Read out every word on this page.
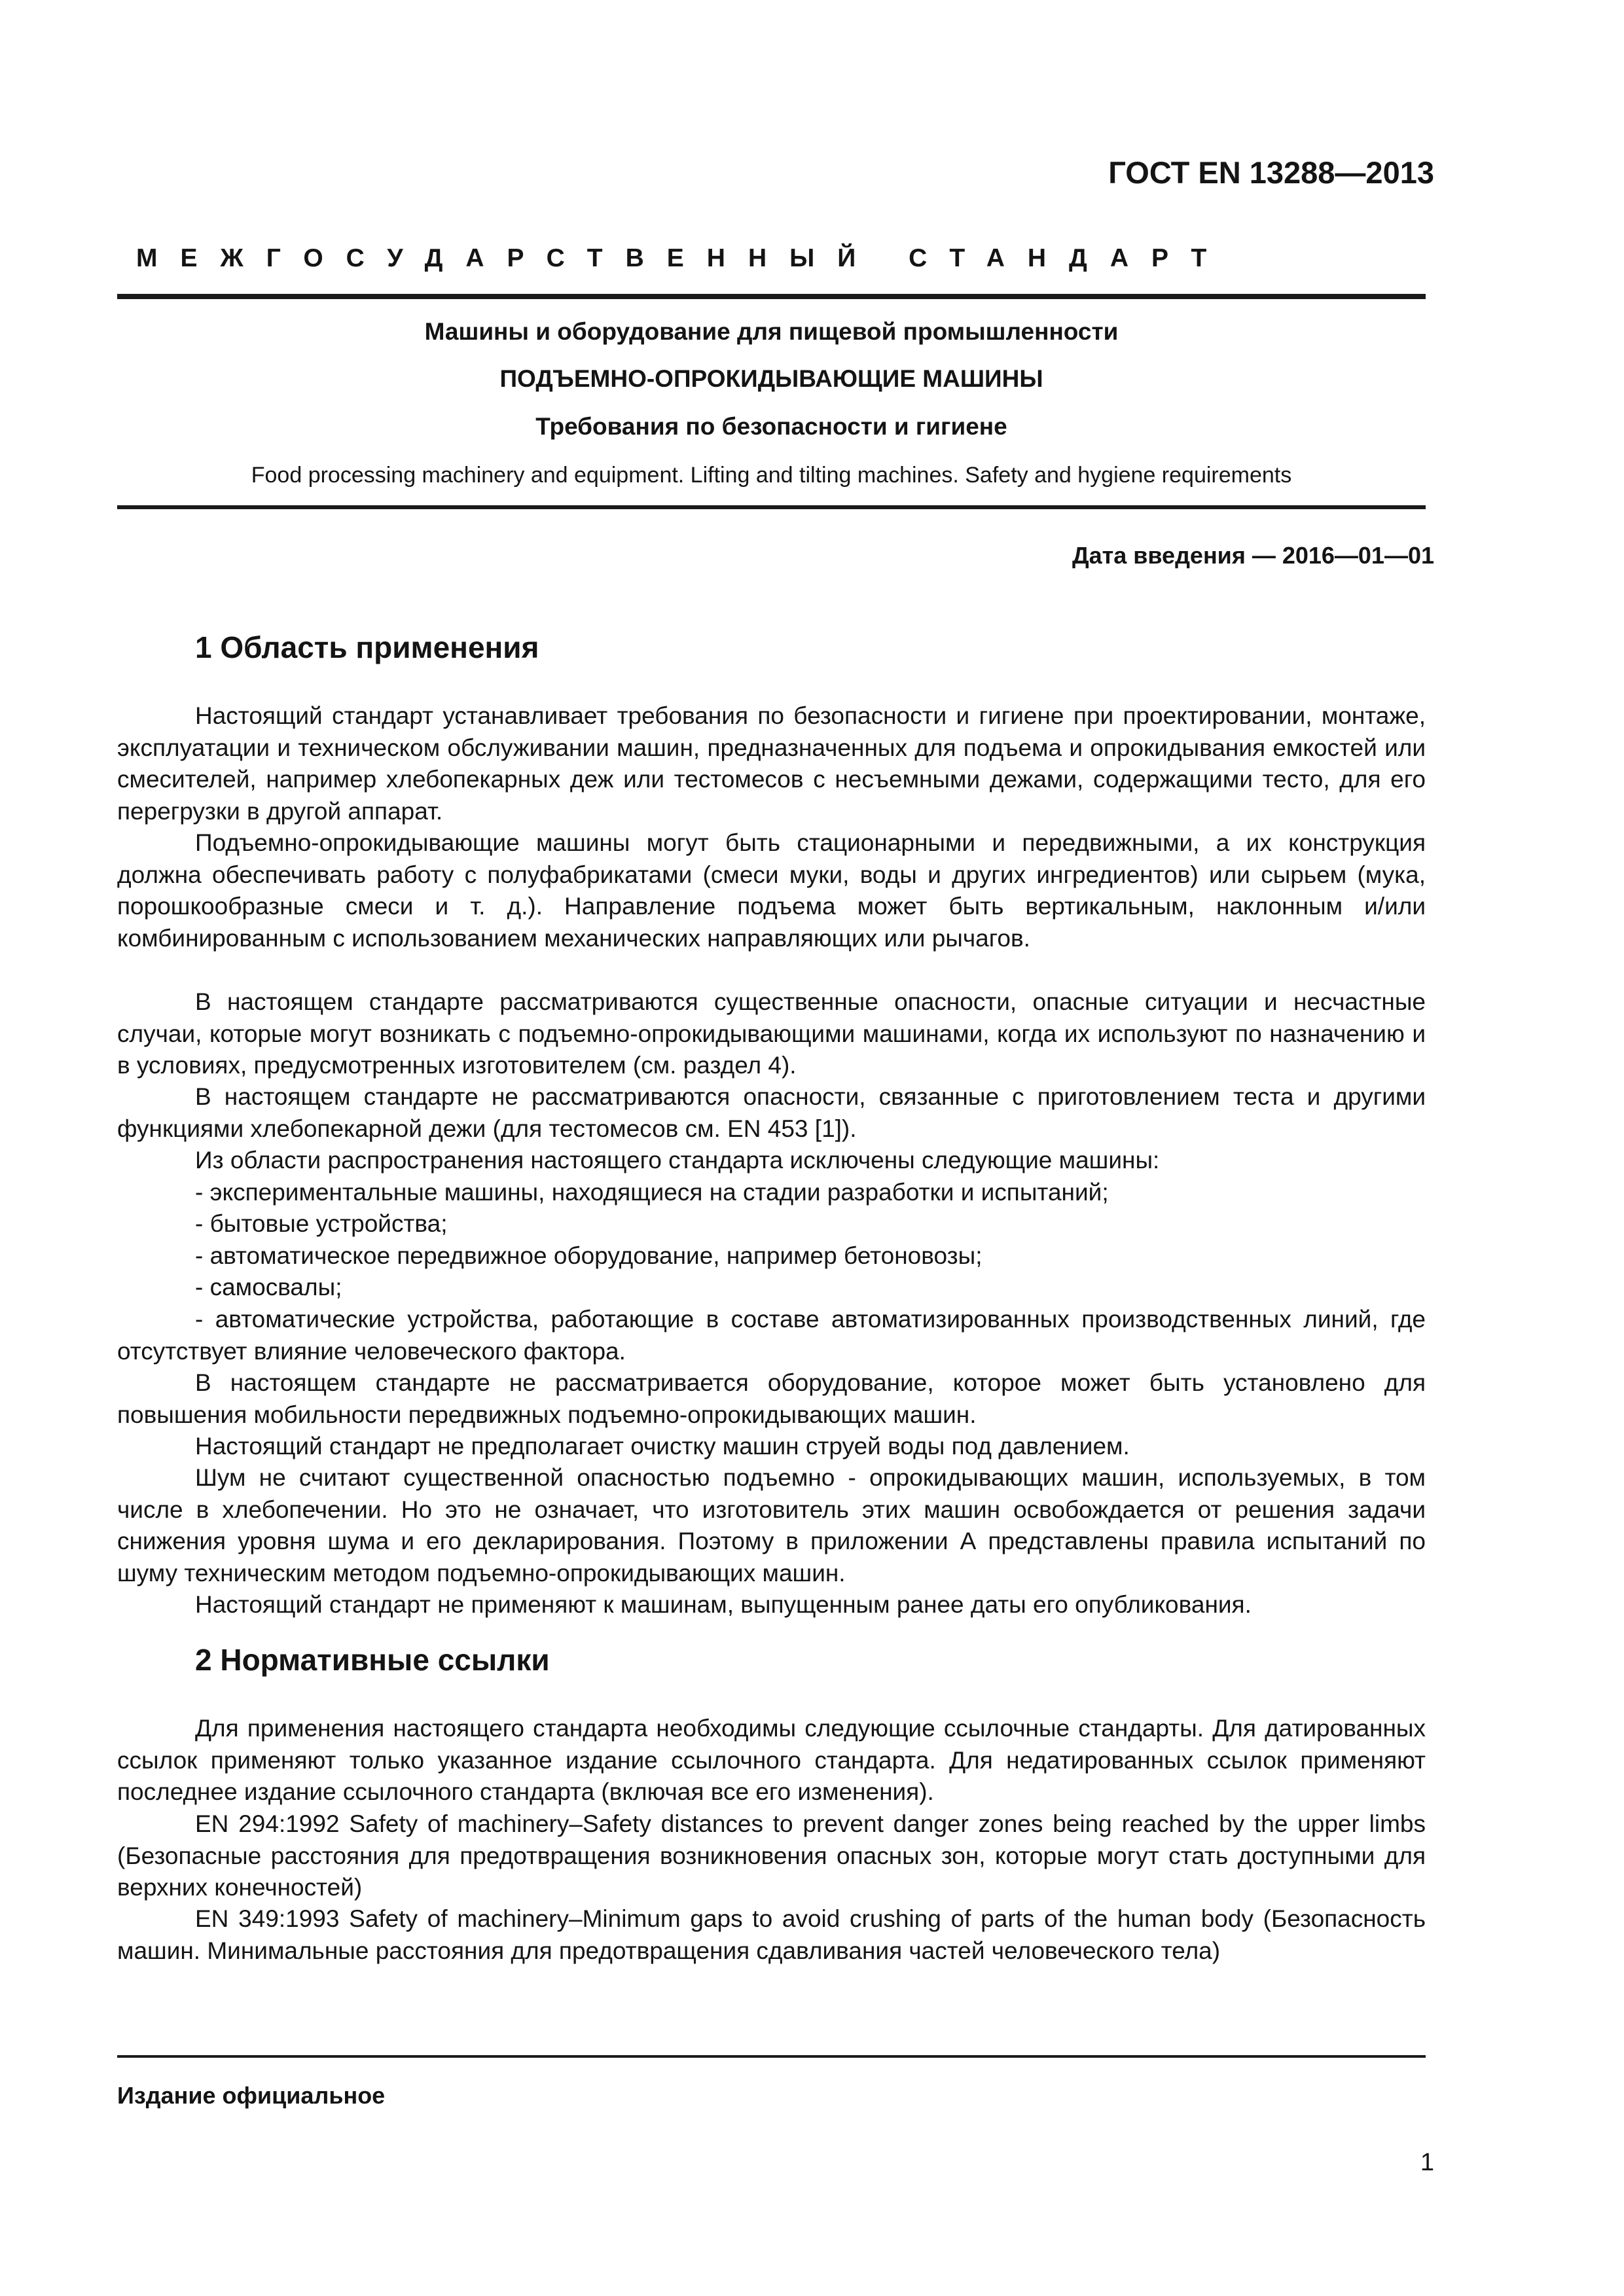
ГОСТ EN 13288—2013
МЕЖГОСУДАРСТВЕННЫЙ СТАНДАРТ
Машины и оборудование для пищевой промышленности
ПОДЪЕМНО-ОПРОКИДЫВАЮЩИЕ МАШИНЫ
Требования по безопасности и гигиене
Food processing machinery and equipment. Lifting and tilting machines. Safety and hygiene requirements
Дата введения — 2016—01—01
1 Область применения

Настоящий стандарт устанавливает требования по безопасности и гигиене при проектировании, монтаже, эксплуатации и техническом обслуживании машин, предназначенных для подъема и опрокидывания емкостей или смесителей, например хлебопекарных деж или тестомесов с несъемными дежами, содержащими тесто, для его перегрузки в другой аппарат.

Подъемно-опрокидывающие машины могут быть стационарными и передвижными, а их конструкция должна обеспечивать работу с полуфабрикатами (смеси муки, воды и других ингредиентов) или сырьем (мука, порошкообразные смеси и т. д.). Направление подъема может быть вертикальным, наклонным и/или комбинированным с использованием механических направляющих или рычагов.

В настоящем стандарте рассматриваются существенные опасности, опасные ситуации и несчастные случаи, которые могут возникать с подъемно-опрокидывающими машинами, когда их используют по назначению и в условиях, предусмотренных изготовителем (см. раздел 4).

В настоящем стандарте не рассматриваются опасности, связанные с приготовлением теста и другими функциями хлебопекарной дежи (для тестомесов см. EN 453 [1]).

Из области распространения настоящего стандарта исключены следующие машины:

- экспериментальные машины, находящиеся на стадии разработки и испытаний;

- бытовые устройства;

- автоматическое передвижное оборудование, например бетоновозы;

- самосвалы;

- автоматические устройства, работающие в составе автоматизированных производственных линий, где отсутствует влияние человеческого фактора.

В настоящем стандарте не рассматривается оборудование, которое может быть установлено для повышения мобильности передвижных подъемно-опрокидывающих машин.

Настоящий стандарт не предполагает очистку машин струей воды под давлением.

Шум не считают существенной опасностью подъемно - опрокидывающих машин, используемых, в том числе в хлебопечении. Но это не означает, что изготовитель этих машин освобождается от решения задачи снижения уровня шума и его декларирования. Поэтому в приложении А представлены правила испытаний по шуму техническим методом подъемно-опрокидывающих машин.

Настоящий стандарт не применяют к машинам, выпущенным ранее даты его опубликования.

2 Нормативные ссылки

Для применения настоящего стандарта необходимы следующие ссылочные стандарты. Для датированных ссылок применяют только указанное издание ссылочного стандарта. Для недатированных ссылок применяют последнее издание ссылочного стандарта (включая все его изменения).

EN 294:1992 Safety of machinery–Safety distances to prevent danger zones being reached by the upper limbs (Безопасные расстояния для предотвращения возникновения опасных зон, которые могут стать доступными для верхних конечностей)

EN 349:1993 Safety of machinery–Minimum gaps to avoid crushing of parts of the human body (Безопасность машин. Минимальные расстояния для предотвращения сдавливания частей человеческого тела)

Издание официальное
1
